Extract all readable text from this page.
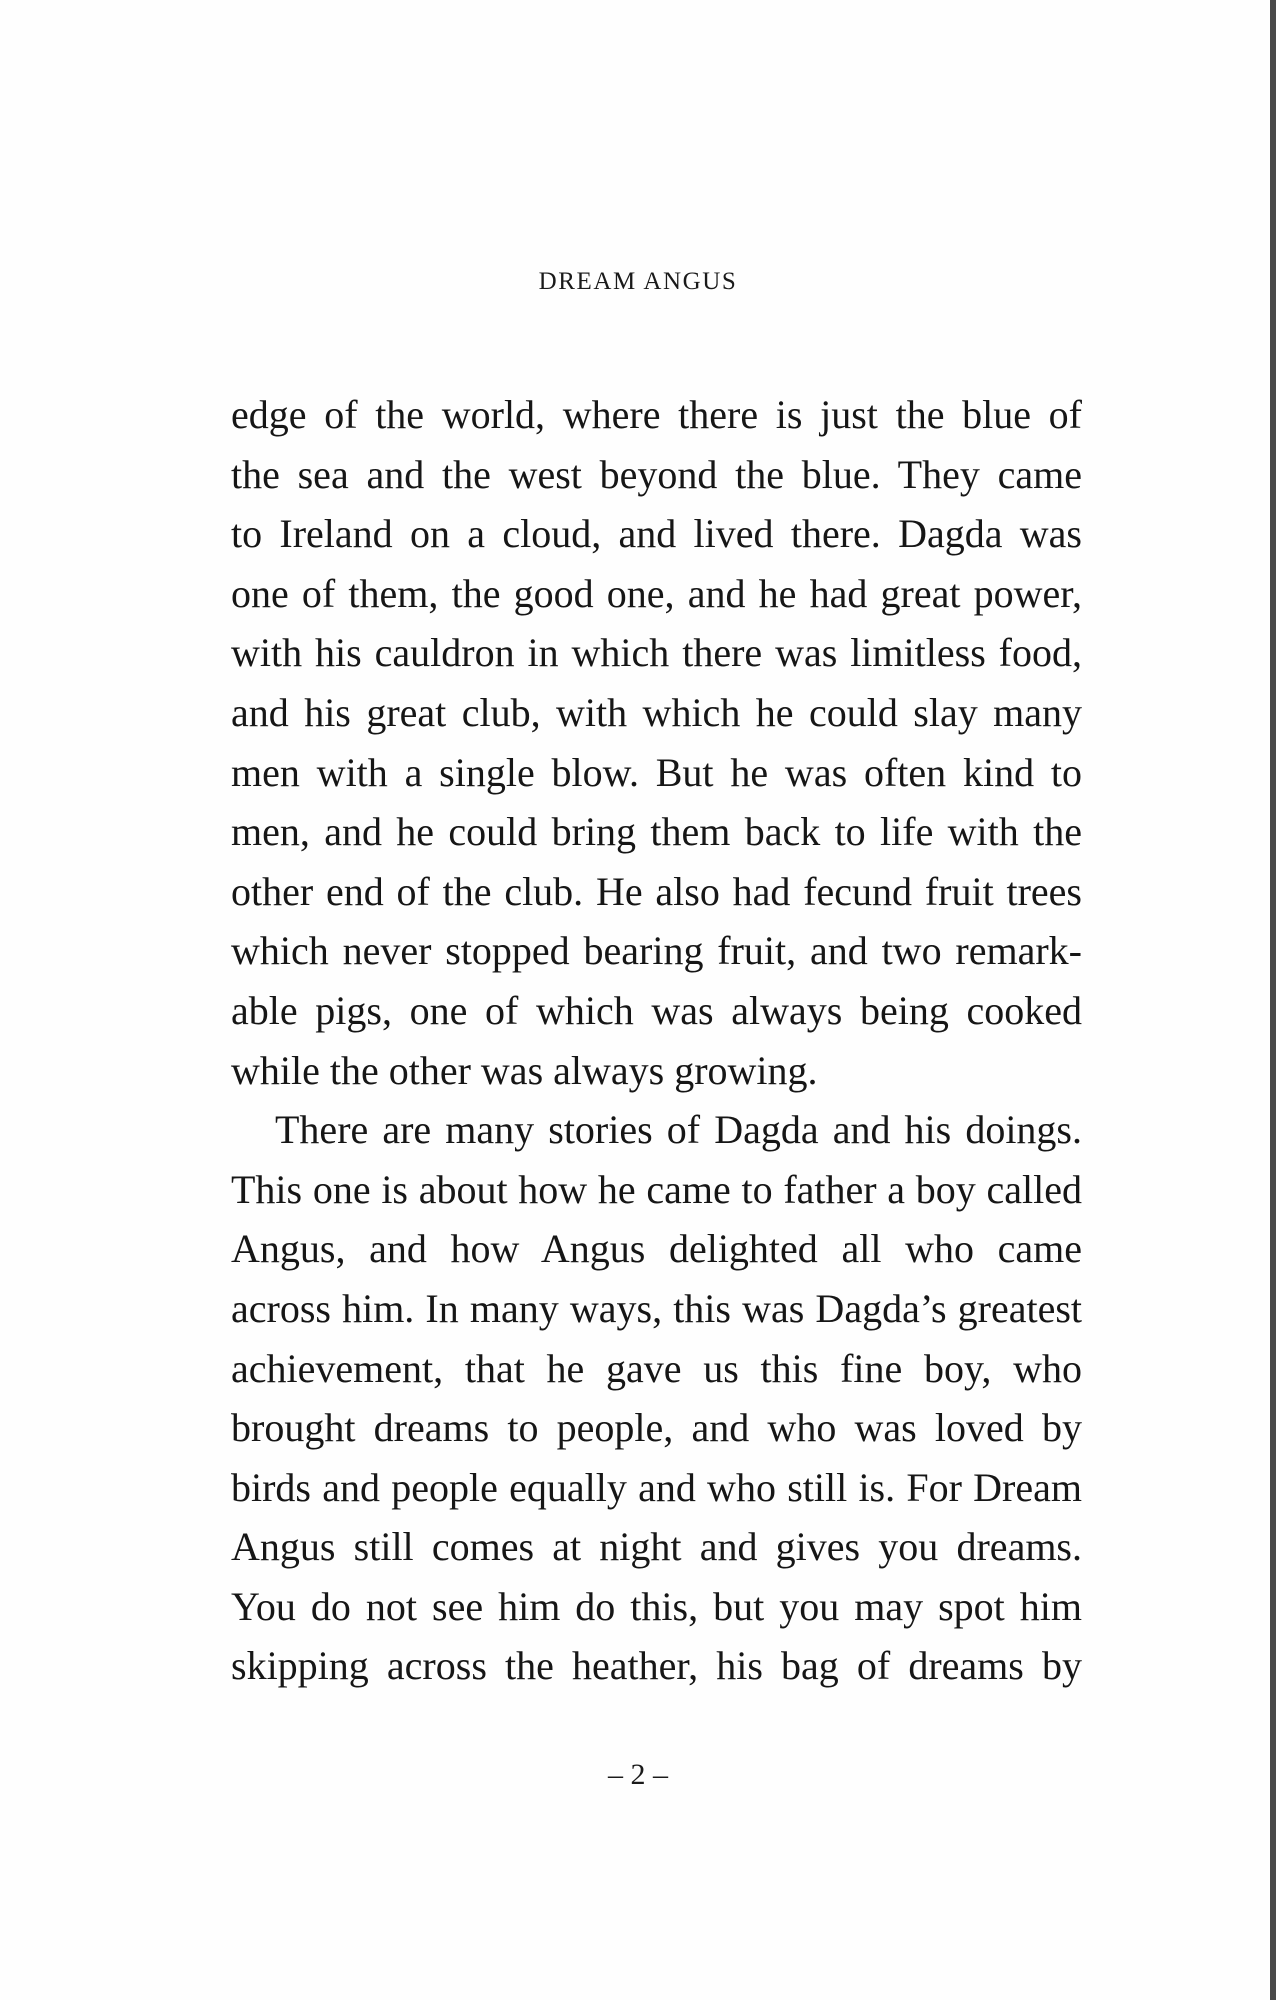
DREAM ANGUS
edge of the world, where there is just the blue of
the sea and the west beyond the blue. They came
to Ireland on a cloud, and lived there. Dagda was
one of them, the good one, and he had great power,
with his cauldron in which there was limitless food,
and his great club, with which he could slay many
men with a single blow. But he was often kind to
men, and he could bring them back to life with the
other end of the club. He also had fecund fruit trees
which never stopped bearing fruit, and two remark-
able pigs, one of which was always being cooked
while the other was always growing.
There are many stories of Dagda and his doings.
This one is about how he came to father a boy called
Angus, and how Angus delighted all who came
across him. In many ways, this was Dagda’s greatest
achievement, that he gave us this fine boy, who
brought dreams to people, and who was loved by
birds and people equally and who still is. For Dream
Angus still comes at night and gives you dreams.
You do not see him do this, but you may spot him
skipping across the heather, his bag of dreams by
– 2 –
